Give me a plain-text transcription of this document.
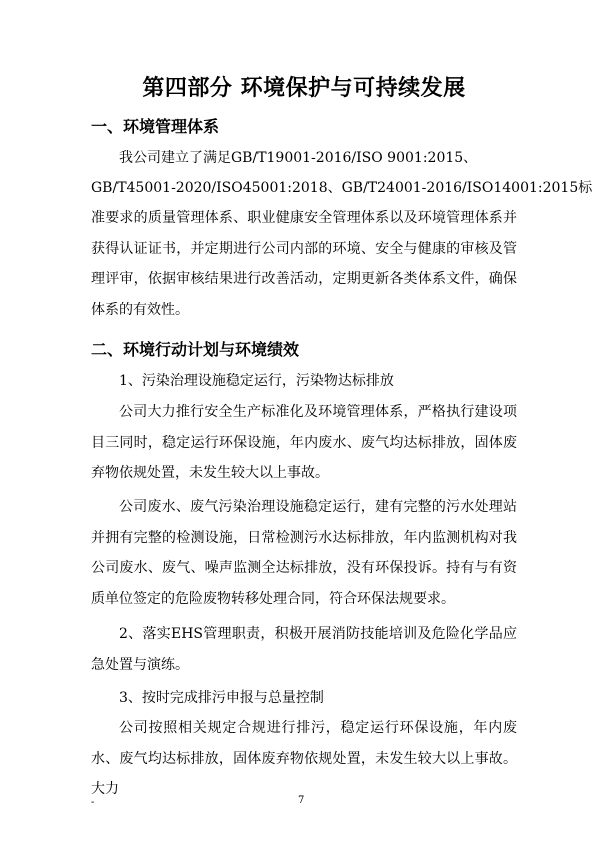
第四部分 环境保护与可持续发展
一、环境管理体系
我公司建立了满足GB/T19001-2016/ISO 9001:2015、
GB/T45001-2020/ISO45001:2018、GB/T24001-2016/ISO14001:2015标
准要求的质量管理体系、职业健康安全管理体系以及环境管理体系并获得认证证书，并定期进行公司内部的环境、安全与健康的审核及管理评审，依据审核结果进行改善活动，定期更新各类体系文件，确保体系的有效性。
二、环境行动计划与环境绩效
1、污染治理设施稳定运行，污染物达标排放
公司大力推行安全生产标准化及环境管理体系，严格执行建设项目三同时，稳定运行环保设施，年内废水、废气均达标排放，固体废弃物依规处置，未发生较大以上事故。
公司废水、废气污染治理设施稳定运行，建有完整的污水处理站并拥有完整的检测设施，日常检测污水达标排放，年内监测机构对我公司废水、废气、噪声监测全达标排放，没有环保投诉。持有与有资质单位签定的危险废物转移处理合同，符合环保法规要求。
2、落实EHS管理职责，积极开展消防技能培训及危险化学品应急处置与演练。
3、按时完成排污申报与总量控制
公司按照相关规定合规进行排污，稳定运行环保设施，年内废水、废气均达标排放，固体废弃物依规处置，未发生较大以上事故。大力
-	7
